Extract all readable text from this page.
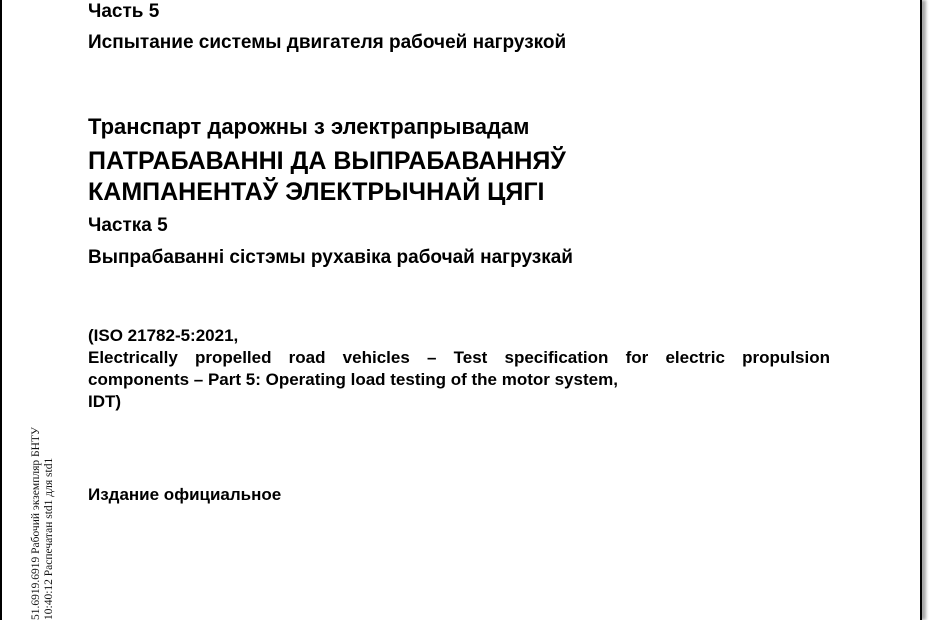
Часть 5

Испытание системы двигателя рабочей нагрузкой

Транспарт дарожны з электрапрывадам

ПАТРАБАВАННІ ДА ВЫПРАБАВАННЯЎ
КАМПАНЕНТАЎ ЭЛЕКТРЫЧНАЙ ЦЯГІ

Частка 5

Выпрабаванні сістэмы рухавіка рабочай нагрузкай

(ISO 21782-5:2021,
Electrically propelled road vehicles – Test specification for electric propulsion
components – Part 5: Operating load testing of the motor system,
IDT)

Издание официальное

51.6919.6919 Рабочий экземпляр БНТУ 10:40:12 Распечатан std1 для std1
